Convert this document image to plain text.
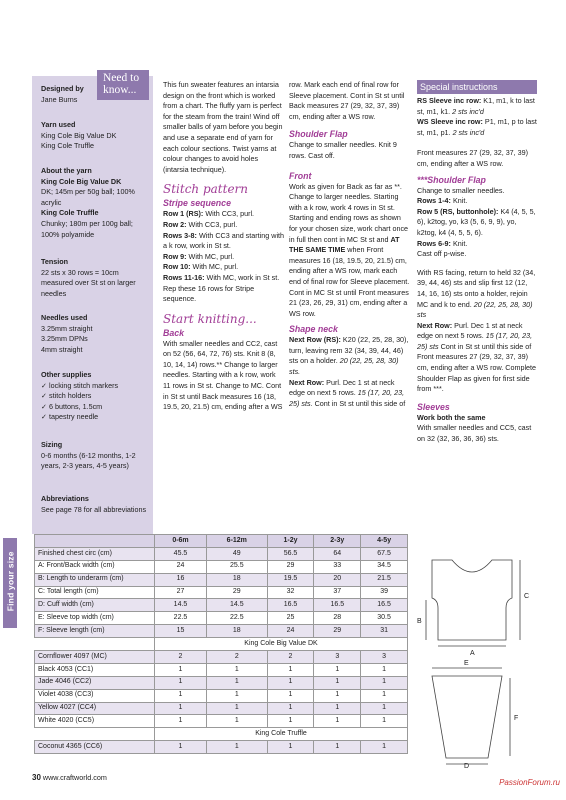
Designed by

Jane Burns

Yarn used

King Cole Big Value DK

King Cole Truffle

About the yarn

King Cole Big Value DK

DK; 145m per 50g ball; 100% acrylic

King Cole Truffle

Chunky; 180m per 100g ball; 100% polyamide

Tension

22 sts x 30 rows = 10cm measured over St st on larger needles

Needles used

3.25mm straight

3.25mm DPNs

4mm straight

Other supplies

✓ locking stitch markers

✓ stitch holders

✓ 6 buttons, 1.5cm

✓ tapestry needle

Sizing

0-6 months (6-12 months, 1-2 years, 2-3 years, 4-5 years)

Abbreviations

See page 78 for all abbreviations

Need to know...	This fun sweater features an intarsia design on the front which is worked from a chart. The fluffy yarn is perfect for the steam from the train! Wind off smaller balls of yarn before you begin and use a separate end of yarn for each colour sections. Twist yarns at colour changes to avoid holes (intarsia technique).

Stitch pattern

Stripe sequence

Row 1 (RS): With CC3, purl.

Row 2: With CC3, purl.

Rows 3-8: With CC3 and starting with a k row, work in St st.

Row 9: With MC, purl.

Row 10: With MC, purl.

Rows 11-16: With MC, work in St st.

Rep these 16 rows for Stripe sequence.

Start knitting...

Back

With smaller needles and CC2, cast on 52 (56, 64, 72, 76) sts. Knit 8 (8, 10, 14, 14) rows.** Change to larger needles. Starting with a k row, work 11 rows in St st. Change to MC. Cont in St st until Back measures 16 (18, 19.5, 20, 21.5) cm, ending after a WS

row. Mark each end of final row for Sleeve placement. Cont in St st until Back measures 27 (29, 32, 37, 39) cm, ending after a WS row.

Shoulder Flap

Change to smaller needles. Knit 9 rows. Cast off.

Front

Work as given for Back as far as **. Change to larger needles. Starting with a k row, work 4 rows in St st. Starting and ending rows as shown for your chosen size, work chart once in full then cont in MC St st and AT THE SAME TIME when Front measures 16 (18, 19.5, 20, 21.5) cm, ending after a WS row, mark each end of final row for Sleeve placement. Cont in MC St st until Front measures 21 (23, 26, 29, 31) cm, ending after a WS row.

Shape neck

Next Row (RS): K20 (22, 25, 28, 30), turn, leaving rem 32 (34, 39, 44, 46) sts on a holder. 20 (22, 25, 28, 30) sts.

Next Row: Purl. Dec 1 st at neck edge on next 5 rows. 15 (17, 20, 23, 25) sts. Cont in St st until this side of

Special instructions

RS Sleeve inc row: K1, m1, k to last st, m1, k1. 2 sts inc'd

WS Sleeve inc row: P1, m1, p to last st, m1, p1. 2 sts inc'd

Front measures 27 (29, 32, 37, 39) cm, ending after a WS row.

***Shoulder Flap

Change to smaller needles.

Rows 1-4: Knit.

Row 5 (RS, buttonhole): K4 (4, 5, 5, 6), k2tog, yo, k3 (5, 6, 9, 9), yo, k2tog, k4 (4, 5, 5, 6).

Rows 6-9: Knit.

Cast off p-wise.

With RS facing, return to held 32 (34, 39, 44, 46) sts and slip first 12 (12, 14, 16, 16) sts onto a holder, rejoin MC and k to end. 20 (22, 25, 28, 30) sts

Next Row: Purl. Dec 1 st at neck edge on next 5 rows. 15 (17, 20, 23, 25) sts Cont in St st until this side of Front measures 27 (29, 32, 37, 39) cm, ending after a WS row. Complete Shoulder Flap as given for first side from ***.

Sleeves

Work both the same

With smaller needles and CC5, cast on 32 (32, 36, 36, 36) sts.

Find your size
	0-6m	6-12m	1-2y	2-3y	4-5y
Finished chest circ (cm)	45.5	49	56.5	64	67.5
A: Front/Back width (cm)	24	25.5	29	33	34.5
B: Length to underarm (cm)	16	18	19.5	20	21.5
C: Total length (cm)	27	29	32	37	39
D: Cuff width (cm)	14.5	14.5	16.5	16.5	16.5
E: Sleeve top width (cm)	22.5	22.5	25	28	30.5
F: Sleeve length (cm)	15	18	24	29	31
	King Cole Big Value DK				
Cornflower 4097 (MC)	2	2	2	3	3
Black 4053 (CC1)	1	1	1	1	1
Jade 4046 (CC2)	1	1	1	1	1
Violet 4038 (CC3)	1	1	1	1	1
Yellow 4027 (CC4)	1	1	1	1	1
White 4020 (CC5)	1	1	1	1	1
	King Cole Truffle				
Coconut 4365 (CC6)	1	1	1	1	1
A
B
C
E
F
D
30 www.craftworld.com
PassionForum.ru
